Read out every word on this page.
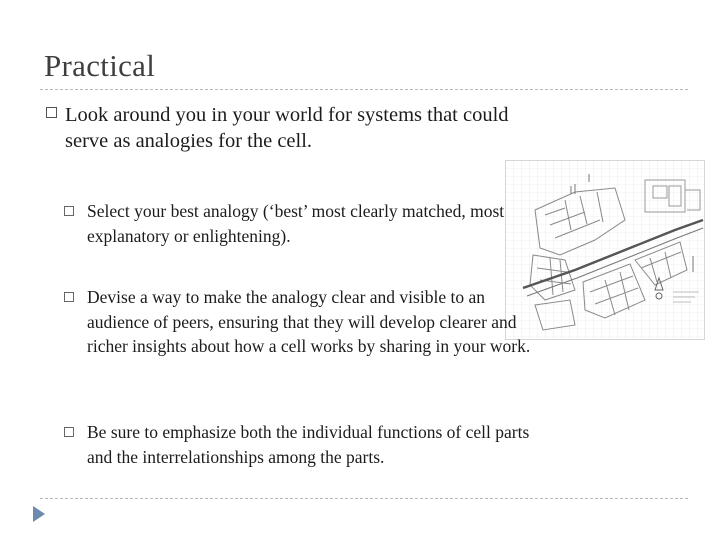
Practical
Look around you in your world for systems that could serve as analogies for the cell.
Select your best analogy (‘best’ most clearly matched, most explanatory or enlightening).
Devise a way to make the analogy clear and visible to an audience of peers, ensuring that they will develop clearer and richer insights about how a cell works by sharing in your work.
Be sure to emphasize both the individual functions of cell parts and the interrelationships among the parts.
